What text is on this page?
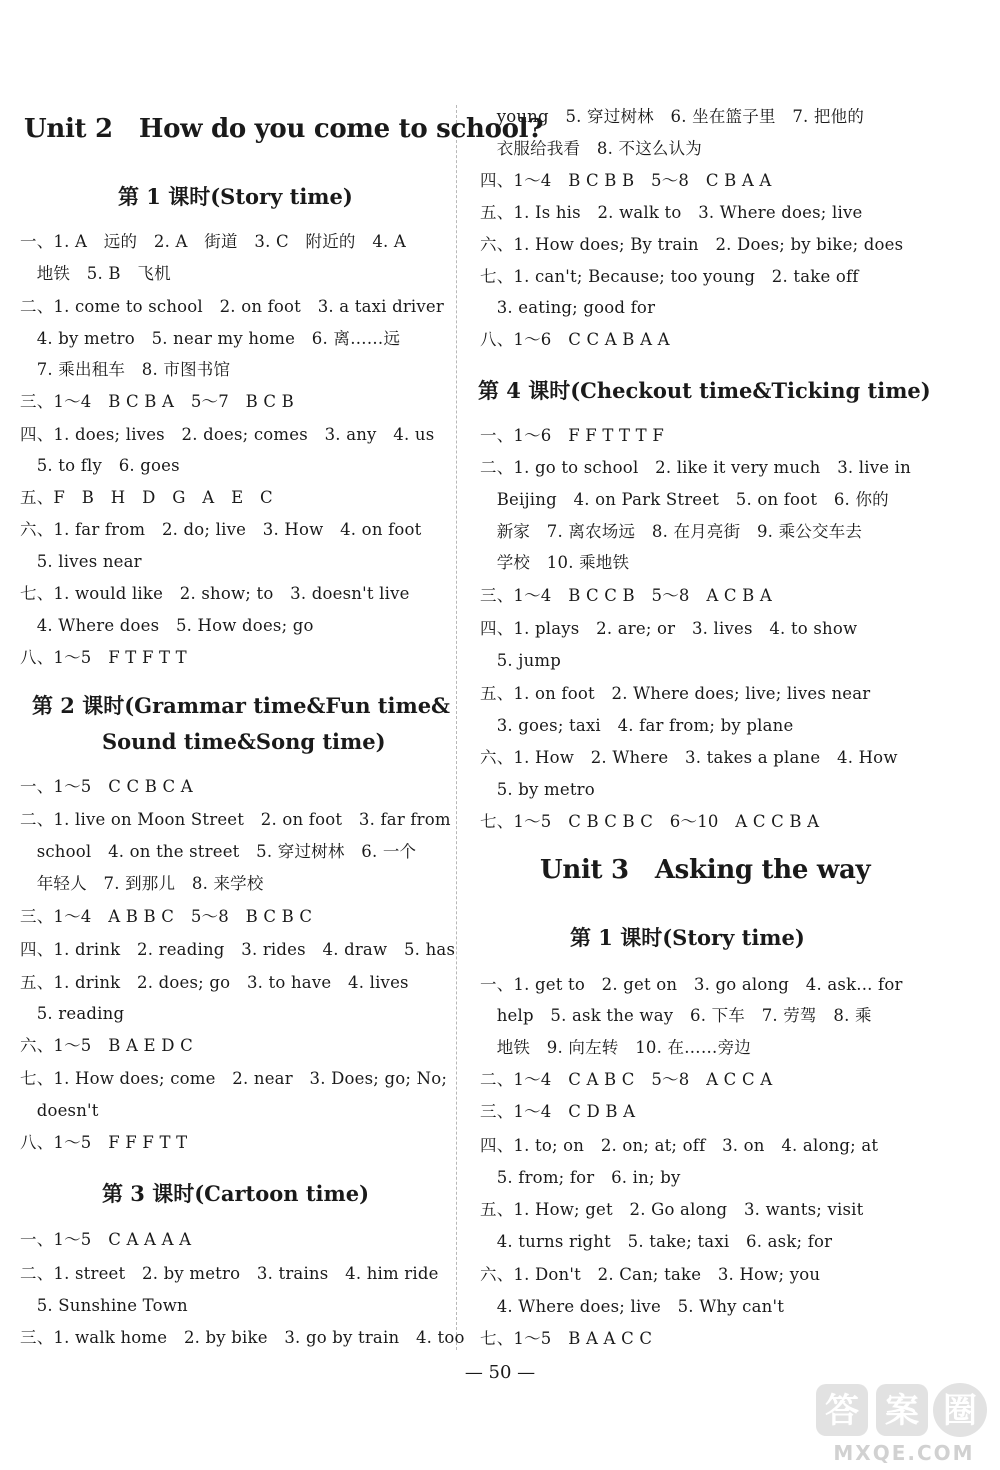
Unit 2 How do you come to school?
第 1 课时(Story time)
一、1. A　远的　2. A　街道　3. C　附近的　4. A
　地铁　5. B　飞机
二、1. come to school　2. on foot　3. a taxi driver
　4. by metro　5. near my home　6. 离……远
　7. 乘出租车　8. 市图书馆
三、1～4　B C B A　5～7　B C B
四、1. does; lives　2. does; comes　3. any　4. us
　5. to fly　6. goes
五、F　B　H　D　G　A　E　C
六、1. far from　2. do; live　3. How　4. on foot
　5. lives near
七、1. would like　2. show; to　3. doesn't live
　4. Where does　5. How does; go
八、1～5　F T F T T
第 2 课时(Grammar time&Fun time&
Sound time&Song time)
一、1～5　C C B C A
二、1. live on Moon Street　2. on foot　3. far from
　school　4. on the street　5. 穿过树林　6. 一个
　年轻人　7. 到那儿　8. 来学校
三、1～4　A B B C　5～8　B C B C
四、1. drink　2. reading　3. rides　4. draw　5. has
五、1. drink　2. does; go　3. to have　4. lives
　5. reading
六、1～5　B A E D C
七、1. How does; come　2. near　3. Does; go; No;
　doesn't
八、1～5　F F F T T
第 3 课时(Cartoon time)
一、1～5　C A A A A
二、1. street　2. by metro　3. trains　4. him ride
　5. Sunshine Town
三、1. walk home　2. by bike　3. go by train　4. too
　young　5. 穿过树林　6. 坐在篮子里　7. 把他的
　衣服给我看　8. 不这么认为
四、1～4　B C B B　5～8　C B A A
五、1. Is his　2. walk to　3. Where does; live
六、1. How does; By train　2. Does; by bike; does
七、1. can't; Because; too young　2. take off
　3. eating; good for
八、1～6　C C A B A A
第 4 课时(Checkout time&Ticking time)
一、1～6　F F T T T F
二、1. go to school　2. like it very much　3. live in
　Beijing　4. on Park Street　5. on foot　6. 你的
　新家　7. 离农场远　8. 在月亮街　9. 乘公交车去
　学校　10. 乘地铁
三、1～4　B C C B　5～8　A C B A
四、1. plays　2. are; or　3. lives　4. to show
　5. jump
五、1. on foot　2. Where does; live; lives near
　3. goes; taxi　4. far from; by plane
六、1. How　2. Where　3. takes a plane　4. How
　5. by metro
七、1～5　C B C B C　6～10　A C C B A
Unit 3 Asking the way
第 1 课时(Story time)
一、1. get to　2. get on　3. go along　4. ask... for
　help　5. ask the way　6. 下车　7. 劳驾　8. 乘
　地铁　9. 向左转　10. 在……旁边
二、1～4　C A B C　5～8　A C C A
三、1～4　C D B A
四、1. to; on　2. on; at; off　3. on　4. along; at
　5. from; for　6. in; by
五、1. How; get　2. Go along　3. wants; visit
　4. turns right　5. take; taxi　6. ask; for
六、1. Don't　2. Can; take　3. How; you
　4. Where does; live　5. Why can't
七、1～5　B A A C C
— 50 —
答 案 圈
MXQE.COM
